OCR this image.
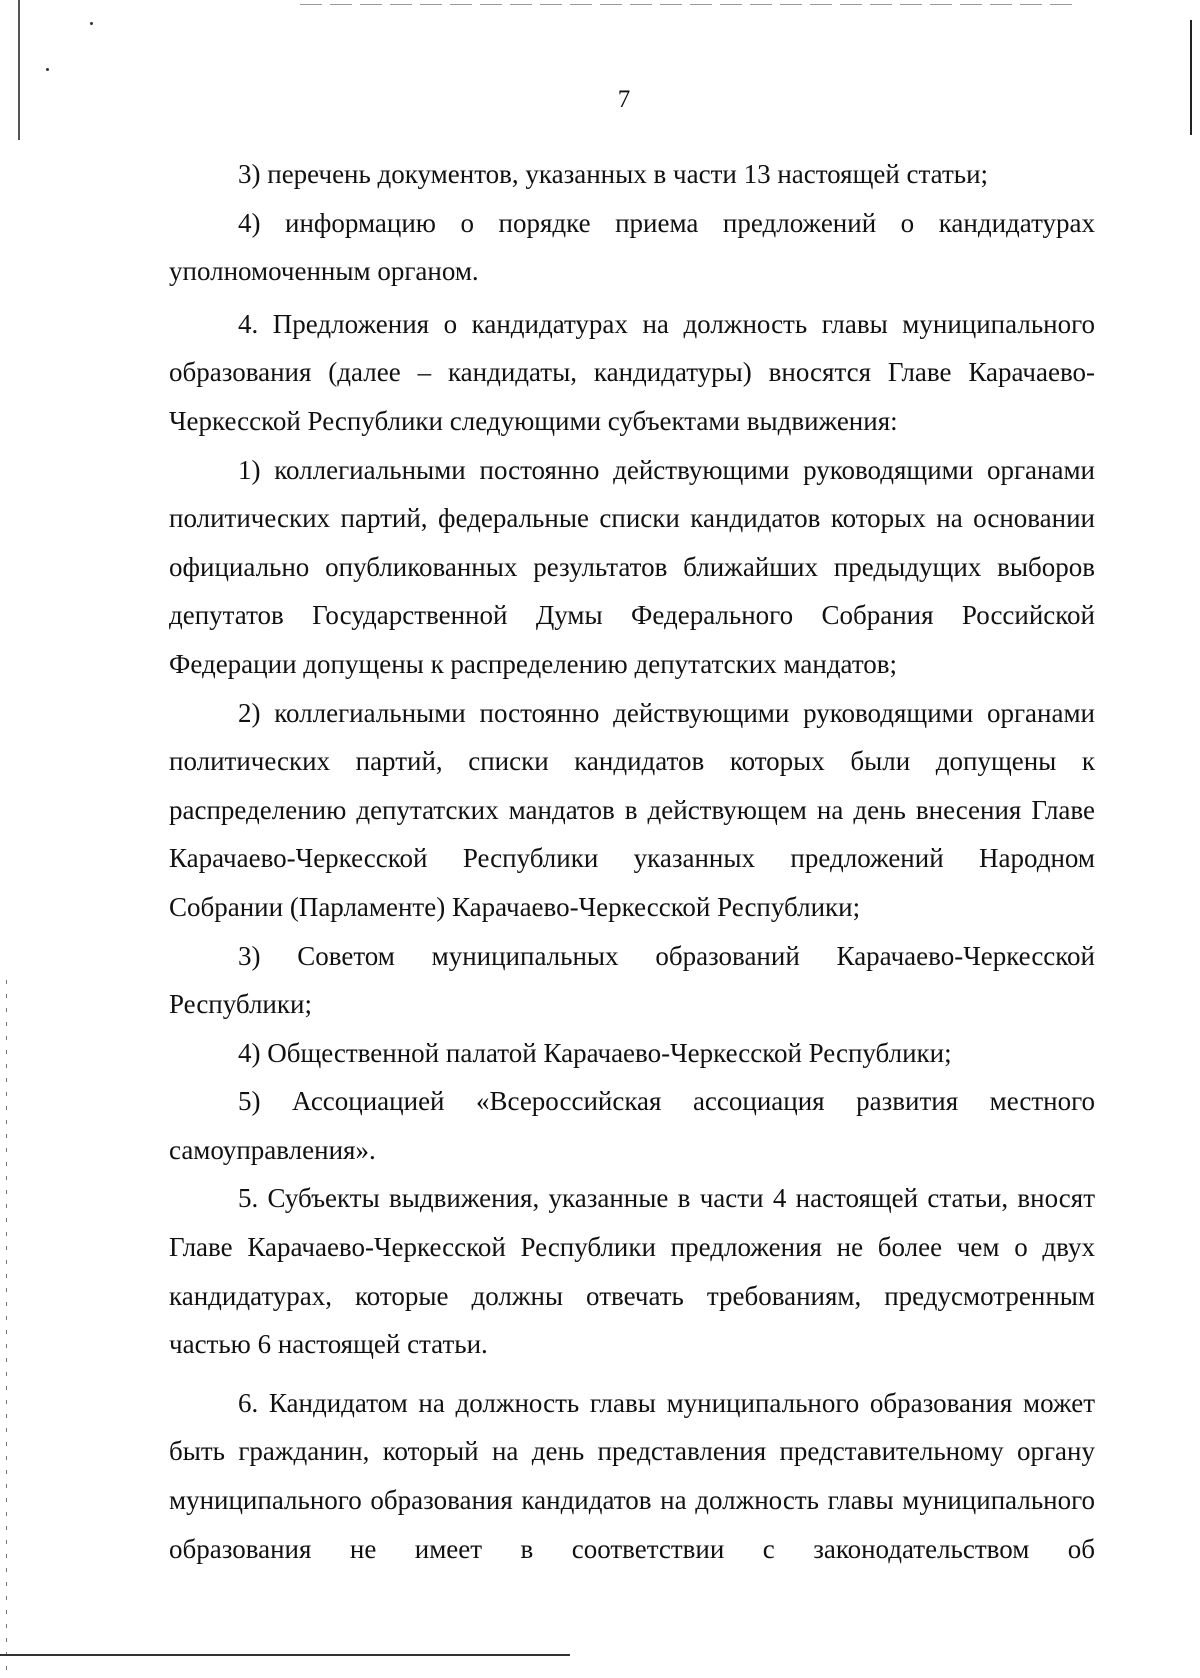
7

3) перечень документов, указанных в части 13 настоящей статьи;

4) информацию о порядке приема предложений о кандидатурах уполномоченным органом.

4. Предложения о кандидатурах на должность главы муниципального образования (далее – кандидаты, кандидатуры) вносятся Главе Карачаево-Черкесской Республики следующими субъектами выдвижения:

1) коллегиальными постоянно действующими руководящими органами политических партий, федеральные списки кандидатов которых на основании официально опубликованных результатов ближайших предыдущих выборов депутатов Государственной Думы Федерального Собрания Российской Федерации допущены к распределению депутатских мандатов;

2) коллегиальными постоянно действующими руководящими органами политических партий, списки кандидатов которых были допущены к распределению депутатских мандатов в действующем на день внесения Главе Карачаево-Черкесской Республики указанных предложений Народном Собрании (Парламенте) Карачаево-Черкесской Республики;

3) Советом муниципальных образований Карачаево-Черкесской Республики;

4) Общественной палатой Карачаево-Черкесской Республики;

5) Ассоциацией «Всероссийская ассоциация развития местного самоуправления».

5. Субъекты выдвижения, указанные в части 4 настоящей статьи, вносят Главе Карачаево-Черкесской Республики предложения не более чем о двух кандидатурах, которые должны отвечать требованиям, предусмотренным частью 6 настоящей статьи.

6. Кандидатом на должность главы муниципального образования может быть гражданин, который на день представления представительному органу муниципального образования кандидатов на должность главы муниципального образования не имеет в соответствии с законодательством об
